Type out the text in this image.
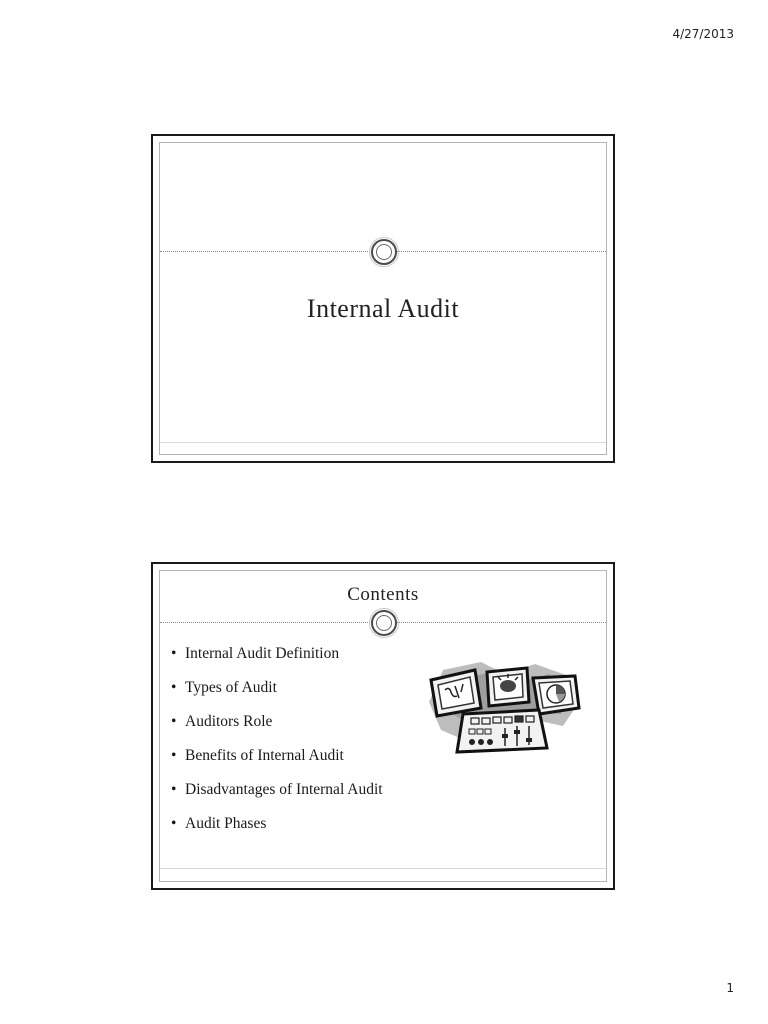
4/27/2013
Internal Audit
Contents
• Internal Audit Definition
• Types of Audit
• Auditors Role
• Benefits of Internal Audit
• Disadvantages of Internal Audit
• Audit Phases
1
